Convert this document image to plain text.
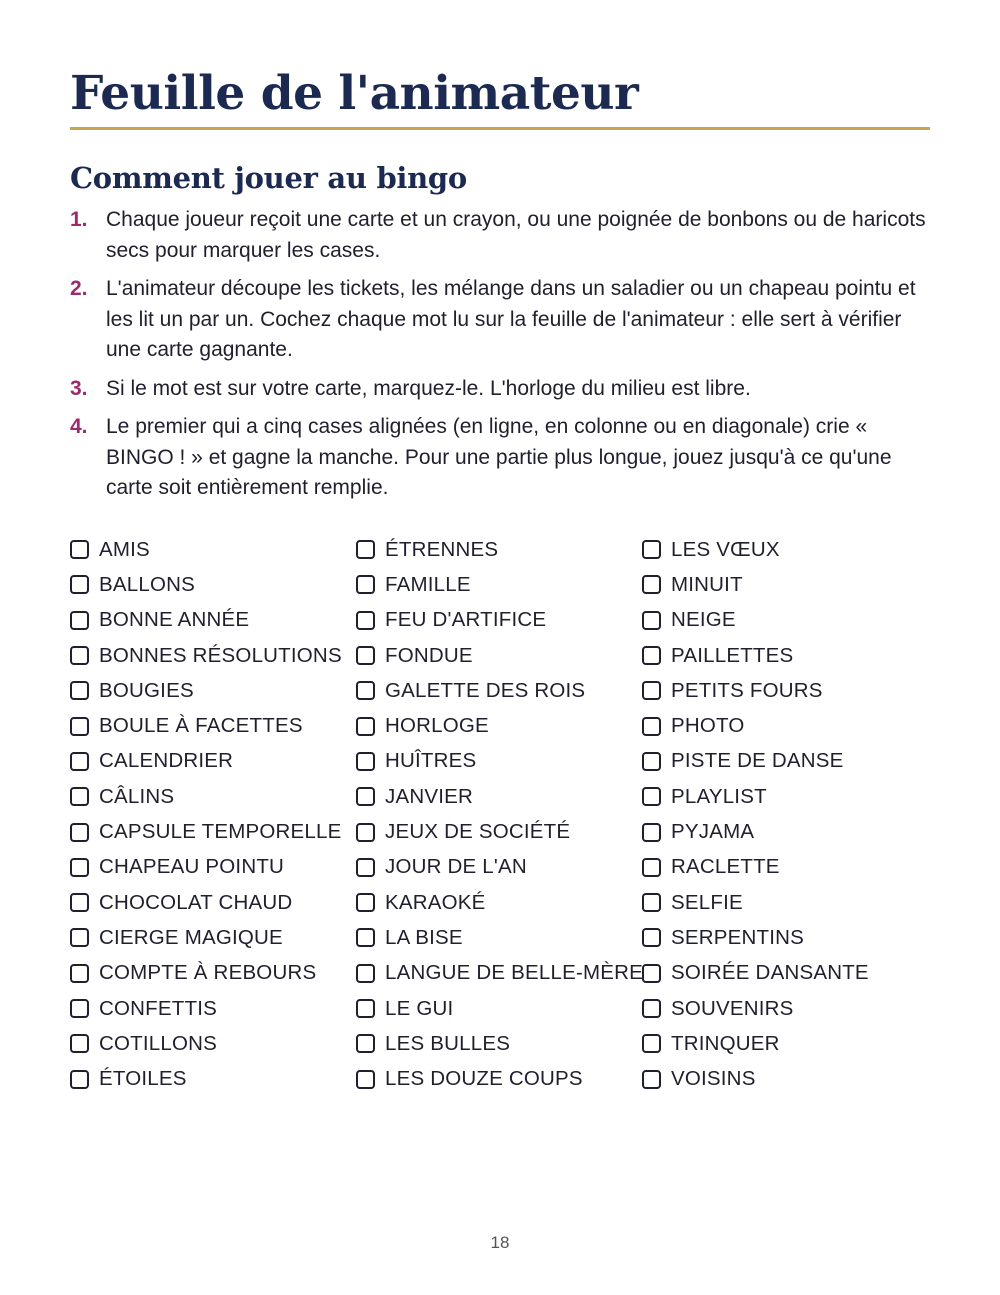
Feuille de l'animateur
Comment jouer au bingo
1. Chaque joueur reçoit une carte et un crayon, ou une poignée de bonbons ou de haricots secs pour marquer les cases.
2. L'animateur découpe les tickets, les mélange dans un saladier ou un chapeau pointu et les lit un par un. Cochez chaque mot lu sur la feuille de l'animateur : elle sert à vérifier une carte gagnante.
3. Si le mot est sur votre carte, marquez-le. L'horloge du milieu est libre.
4. Le premier qui a cinq cases alignées (en ligne, en colonne ou en diagonale) crie « BINGO ! » et gagne la manche. Pour une partie plus longue, jouez jusqu'à ce qu'une carte soit entièrement remplie.
AMIS
BALLONS
BONNE ANNÉE
BONNES RÉSOLUTIONS
BOUGIES
BOULE À FACETTES
CALENDRIER
CÂLINS
CAPSULE TEMPORELLE
CHAPEAU POINTU
CHOCOLAT CHAUD
CIERGE MAGIQUE
COMPTE À REBOURS
CONFETTIS
COTILLONS
ÉTOILES
ÉTRENNES
FAMILLE
FEU D'ARTIFICE
FONDUE
GALETTE DES ROIS
HORLOGE
HUÎTRES
JANVIER
JEUX DE SOCIÉTÉ
JOUR DE L'AN
KARAOKÉ
LA BISE
LANGUE DE BELLE-MÈRE
LE GUI
LES BULLES
LES DOUZE COUPS
LES VŒUX
MINUIT
NEIGE
PAILLETTES
PETITS FOURS
PHOTO
PISTE DE DANSE
PLAYLIST
PYJAMA
RACLETTE
SELFIE
SERPENTINS
SOIRÉE DANSANTE
SOUVENIRS
TRINQUER
VOISINS
18
